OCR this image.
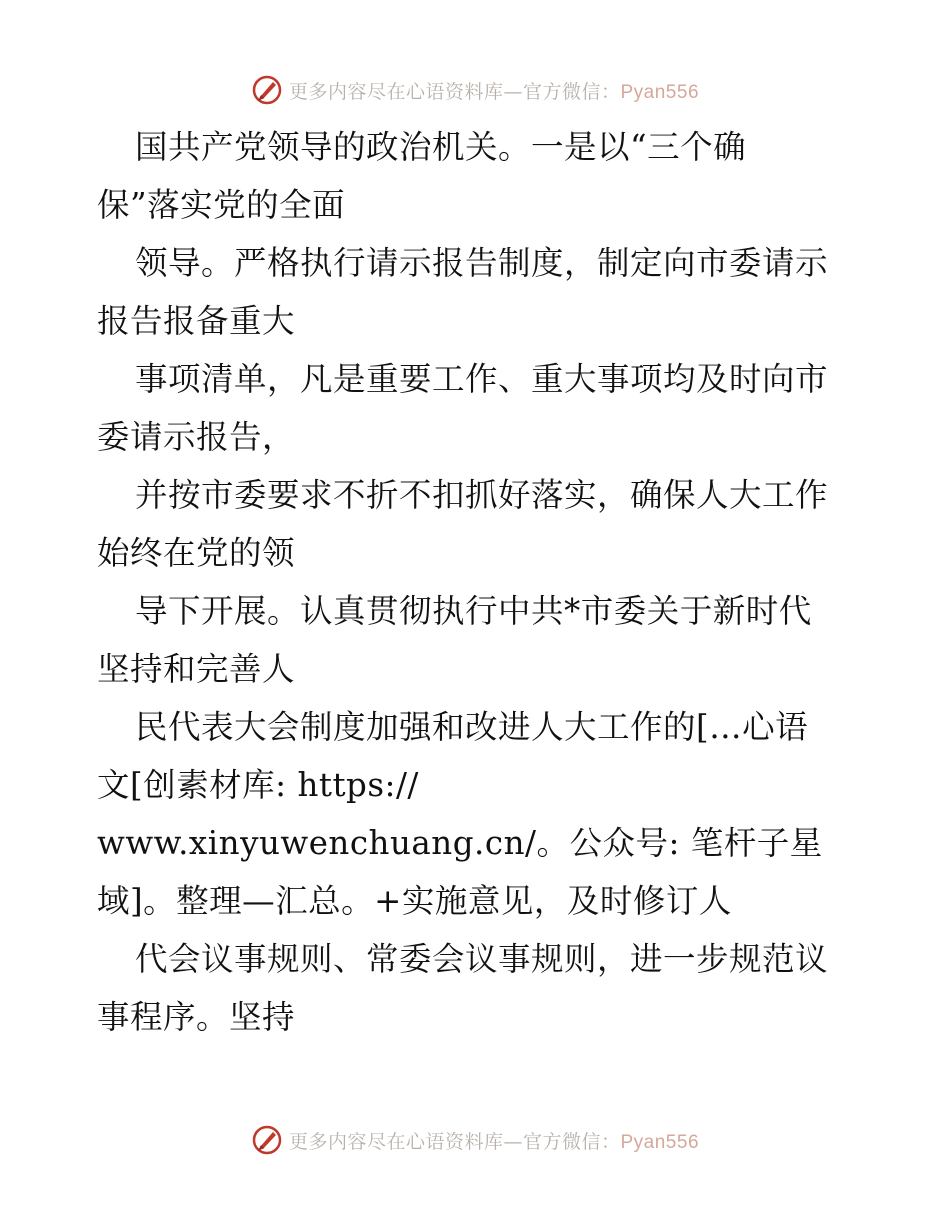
更多内容尽在心语资料库—官方微信：Pyan556
国共产党领导的政治机关。一是以“三个确
保”落实党的全面
领导。严格执行请示报告制度，制定向市委请示
报告报备重大
事项清单，凡是重要工作、重大事项均及时向市
委请示报告，
并按市委要求不折不扣抓好落实，确保人大工作
始终在党的领
导下开展。认真贯彻执行中共*市委关于新时代
坚持和完善人
民代表大会制度加强和改进人大工作的[…心语
文[创素材库: https://
www.xinyuwenchuang.cn/。公众号: 笔杆子星
域]。整理—汇总。+实施意见，及时修订人
代会议事规则、常委会议事规则，进一步规范议
事程序。坚持
更多内容尽在心语资料库—官方微信：Pyan556
